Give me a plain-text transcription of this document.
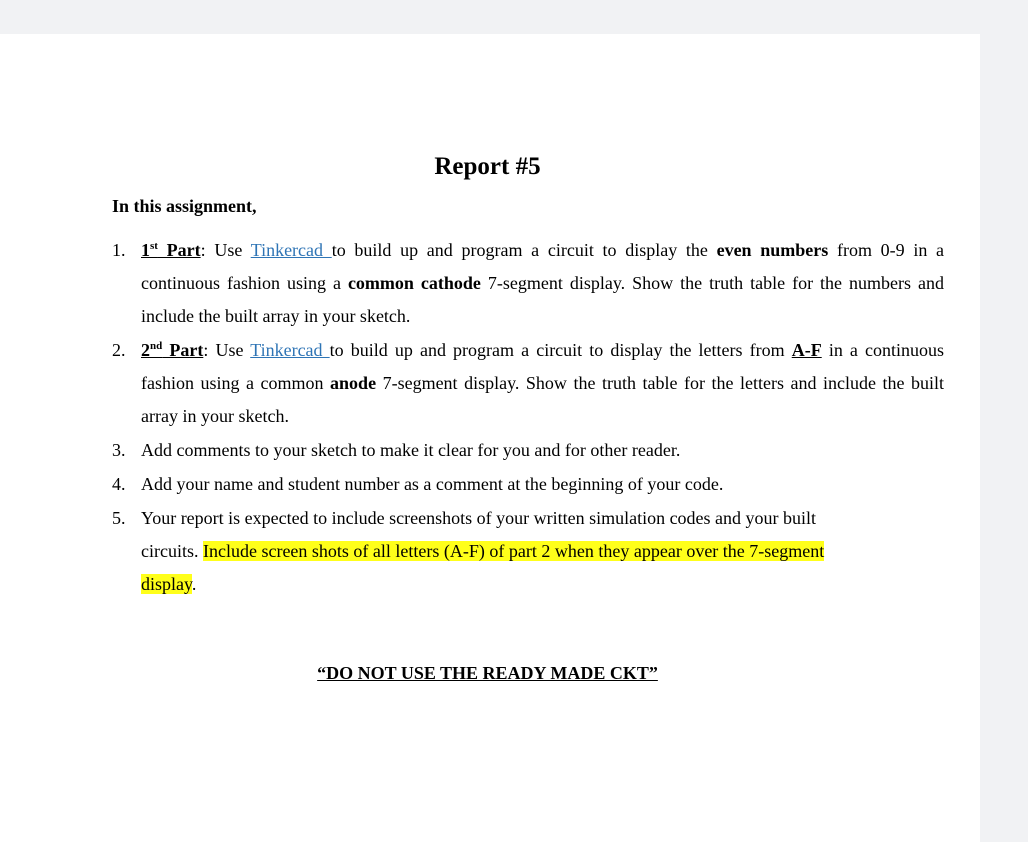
Report #5

In this assignment,

1. 1st Part: Use Tinkercad to build up and program a circuit to display the even numbers from 0-9 in a continuous fashion using a common cathode 7-segment display. Show the truth table for the numbers and include the built array in your sketch.
2. 2nd Part: Use Tinkercad to build up and program a circuit to display the letters from A-F in a continuous fashion using a common anode 7-segment display. Show the truth table for the letters and include the built array in your sketch.
3. Add comments to your sketch to make it clear for you and for other reader.
4. Add your name and student number as a comment at the beginning of your code.
5. Your report is expected to include screenshots of your written simulation codes and your built circuits. Include screen shots of all letters (A-F) of part 2 when they appear over the 7-segment display.

“DO NOT USE THE READY MADE CKT”
